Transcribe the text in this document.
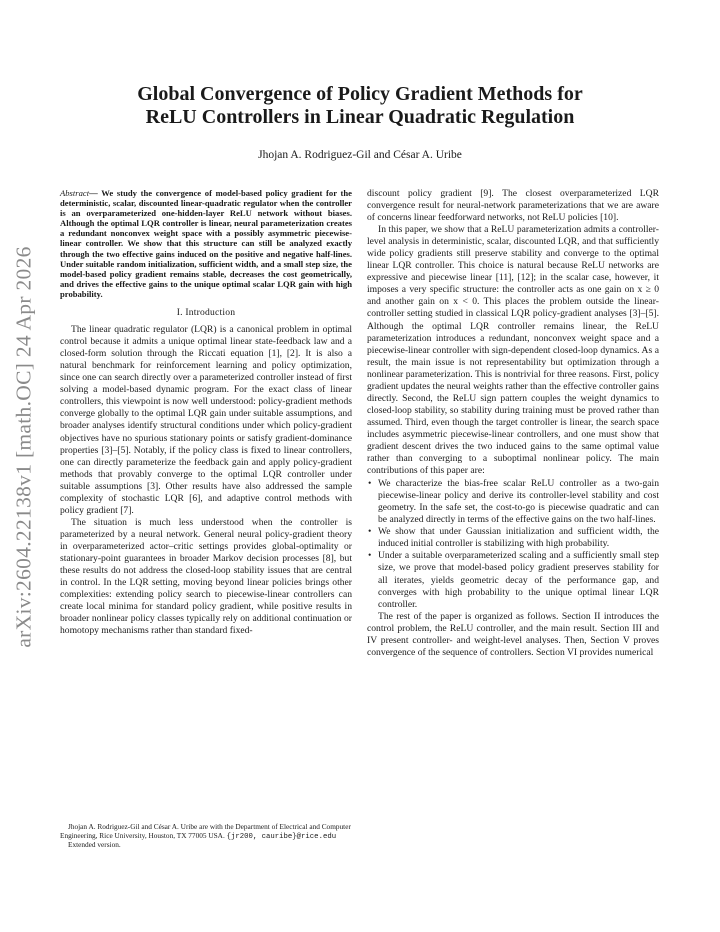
arXiv:2604.22138v1 [math.OC] 24 Apr 2026
Global Convergence of Policy Gradient Methods for
ReLU Controllers in Linear Quadratic Regulation
Jhojan A. Rodriguez-Gil and César A. Uribe
Abstract— We study the convergence of model-based policy gradient for the deterministic, scalar, discounted linear-quadratic regulator when the controller is an overparameterized one-hidden-layer ReLU network without biases. Although the optimal LQR controller is linear, neural parameterization creates a redundant nonconvex weight space with a possibly asymmetric piecewise-linear controller. We show that this structure can still be analyzed exactly through the two effective gains induced on the positive and negative half-lines. Under suitable random initialization, sufficient width, and a small step size, the model-based policy gradient remains stable, decreases the cost geometrically, and drives the effective gains to the unique optimal scalar LQR gain with high probability.
I. Introduction

The linear quadratic regulator (LQR) is a canonical problem in optimal control because it admits a unique optimal linear state-feedback law and a closed-form solution through the Riccati equation [1], [2]. It is also a natural benchmark for reinforcement learning and policy optimization, since one can search directly over a parameterized controller instead of first solving a model-based dynamic program. For the exact class of linear controllers, this viewpoint is now well understood: policy-gradient methods converge globally to the optimal LQR gain under suitable assumptions, and broader analyses identify structural conditions under which policy-gradient objectives have no spurious stationary points or satisfy gradient-dominance properties [3]–[5]. Notably, if the policy class is fixed to linear controllers, one can directly parameterize the feedback gain and apply policy-gradient methods that provably converge to the optimal LQR controller under suitable assumptions [3]. Other results have also addressed the sample complexity of stochastic LQR [6], and adaptive control methods with policy gradient [7].

The situation is much less understood when the controller is parameterized by a neural network. General neural policy-gradient theory in overparameterized actor–critic settings provides global-optimality or stationary-point guarantees in broader Markov decision processes [8], but these results do not address the closed-loop stability issues that are central in control. In the LQR setting, moving beyond linear policies brings other complexities: extending policy search to piecewise-linear controllers can create local minima for standard policy gradient, while positive results in broader nonlinear policy classes typically rely on additional continuation or homotopy mechanisms rather than standard fixed-

discount policy gradient [9]. The closest overparameterized LQR convergence result for neural-network parameterizations that we are aware of concerns linear feedforward networks, not ReLU policies [10].

In this paper, we show that a ReLU parameterization admits a controller-level analysis in deterministic, scalar, discounted LQR, and that sufficiently wide policy gradients still preserve stability and converge to the optimal linear LQR controller. This choice is natural because ReLU networks are expressive and piecewise linear [11], [12]; in the scalar case, however, it imposes a very specific structure: the controller acts as one gain on x ≥ 0 and another gain on x < 0. This places the problem outside the linear-controller setting studied in classical LQR policy-gradient analyses [3]–[5]. Although the optimal LQR controller remains linear, the ReLU parameterization introduces a redundant, nonconvex weight space and a piecewise-linear controller with sign-dependent closed-loop dynamics. As a result, the main issue is not representability but optimization through a nonlinear parameterization. This is nontrivial for three reasons. First, policy gradient updates the neural weights rather than the effective controller gains directly. Second, the ReLU sign pattern couples the weight dynamics to closed-loop stability, so stability during training must be proved rather than assumed. Third, even though the target controller is linear, the search space includes asymmetric piecewise-linear controllers, and one must show that gradient descent drives the two induced gains to the same optimal value rather than converging to a suboptimal nonlinear policy. The main contributions of this paper are:

• We characterize the bias-free scalar ReLU controller as a two-gain piecewise-linear policy and derive its controller-level stability and cost geometry. In the safe set, the cost-to-go is piecewise quadratic and can be analyzed directly in terms of the effective gains on the two half-lines.
• We show that under Gaussian initialization and sufficient width, the induced initial controller is stabilizing with high probability.
• Under a suitable overparameterized scaling and a sufficiently small step size, we prove that model-based policy gradient preserves stability for all iterates, yields geometric decay of the performance gap, and converges with high probability to the unique optimal linear LQR controller.

The rest of the paper is organized as follows. Section II introduces the control problem, the ReLU controller, and the main result. Section III and IV present controller- and weight-level analyses. Then, Section V proves convergence of the sequence of controllers. Section VI provides numerical

Jhojan A. Rodriguez-Gil and César A. Uribe are with the Department of Electrical and Computer Engineering, Rice University, Houston, TX 77005 USA. {jr200, cauribe}@rice.edu
Extended version.
